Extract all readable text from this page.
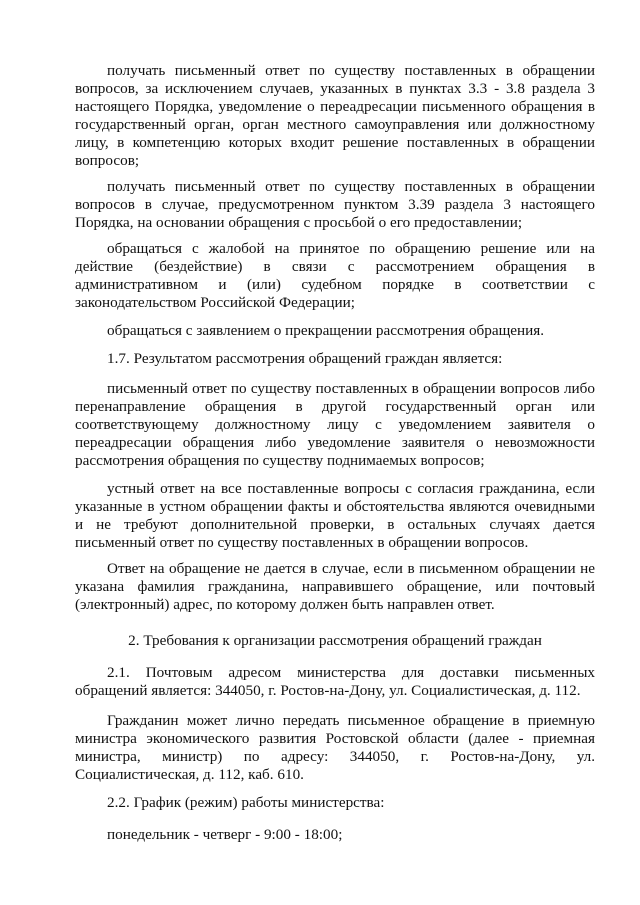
получать письменный ответ по существу поставленных в обращении вопросов, за исключением случаев, указанных в пунктах 3.3 - 3.8 раздела 3 настоящего Порядка, уведомление о переадресации письменного обращения в государственный орган, орган местного самоуправления или должностному лицу, в компетенцию которых входит решение поставленных в обращении вопросов;

получать письменный ответ по существу поставленных в обращении вопросов в случае, предусмотренном пунктом 3.39 раздела 3 настоящего Порядка, на основании обращения с просьбой о его предоставлении;

обращаться с жалобой на принятое по обращению решение или на действие (бездействие) в связи с рассмотрением обращения в административном и (или) судебном порядке в соответствии с законодательством Российской Федерации;

обращаться с заявлением о прекращении рассмотрения обращения.

1.7. Результатом рассмотрения обращений граждан является:

письменный ответ по существу поставленных в обращении вопросов либо перенаправление обращения в другой государственный орган или соответствующему должностному лицу с уведомлением заявителя о переадресации обращения либо уведомление заявителя о невозможности рассмотрения обращения по существу поднимаемых вопросов;

устный ответ на все поставленные вопросы с согласия гражданина, если указанные в устном обращении факты и обстоятельства являются очевидными и не требуют дополнительной проверки, в остальных случаях дается письменный ответ по существу поставленных в обращении вопросов.

Ответ на обращение не дается в случае, если в письменном обращении не указана фамилия гражданина, направившего обращение, или почтовый (электронный) адрес, по которому должен быть направлен ответ.

2. Требования к организации рассмотрения обращений граждан

2.1. Почтовым адресом министерства для доставки письменных обращений является: 344050, г. Ростов-на-Дону, ул. Социалистическая, д. 112.

Гражданин может лично передать письменное обращение в приемную министра экономического развития Ростовской области (далее - приемная министра, министр) по адресу: 344050, г. Ростов-на-Дону, ул. Социалистическая, д. 112, каб. 610.

2.2. График (режим) работы министерства:

понедельник - четверг - 9:00 - 18:00;
